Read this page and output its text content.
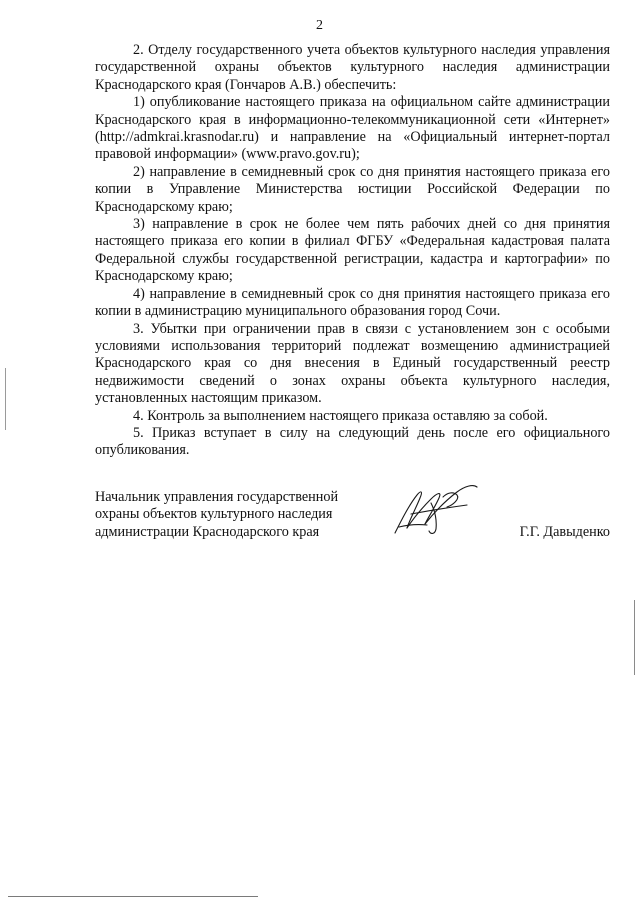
2

2. Отделу государственного учета объектов культурного наследия управления государственной охраны объектов культурного наследия администрации Краснодарского края (Гончаров А.В.) обеспечить:

1) опубликование настоящего приказа на официальном сайте администрации Краснодарского края в информационно-телекоммуникационной сети «Интернет» (http://admkrai.krasnodar.ru) и направление на «Официальный интернет-портал правовой информации» (www.pravo.gov.ru);

2) направление в семидневный срок со дня принятия настоящего приказа его копии в Управление Министерства юстиции Российской Федерации по Краснодарскому краю;

3) направление в срок не более чем пять рабочих дней со дня принятия настоящего приказа его копии в филиал ФГБУ «Федеральная кадастровая палата Федеральной службы государственной регистрации, кадастра и картографии» по Краснодарскому краю;

4) направление в семидневный срок со дня принятия настоящего приказа его копии в администрацию муниципального образования город Сочи.

3. Убытки при ограничении прав в связи с установлением зон с особыми условиями использования территорий подлежат возмещению администрацией Краснодарского края со дня внесения в Единый государственный реестр недвижимости сведений о зонах охраны объекта культурного наследия, установленных настоящим приказом.

4. Контроль за выполнением настоящего приказа оставляю за собой.

5. Приказ вступает в силу на следующий день после его официального опубликования.

Начальник управления государственной
охраны объектов культурного наследия
администрации Краснодарского края	Г.Г. Давыденко
